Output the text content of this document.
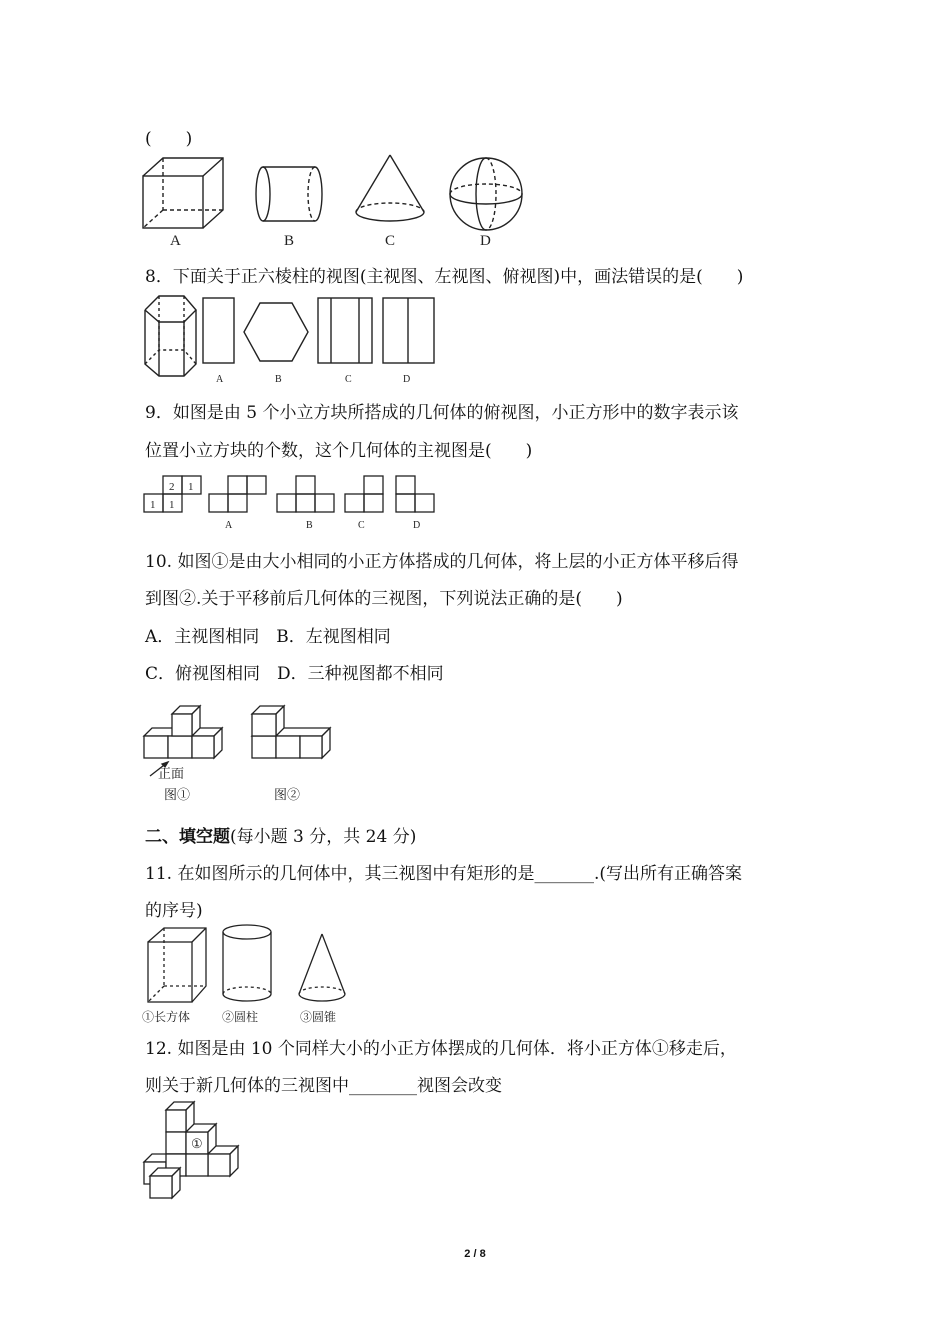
(　　)
A	B	C	D
8．下面关于正六棱柱的视图(主视图、左视图、俯视图)中，画法错误的是(　　)
A	B	C	D
9．如图是由 5 个小立方块所搭成的几何体的俯视图，小正方形中的数字表示该
位置小立方块的个数，这个几何体的主视图是(　　)
2 1
1 1
A	B	C	D
10. 如图①是由大小相同的小正方体搭成的几何体，将上层的小正方体平移后得
到图②.关于平移前后几何体的三视图，下列说法正确的是(　　)
A．主视图相同　B．左视图相同
C．俯视图相同　D．三种视图都不相同
正面
图①	图②
二、填空题(每小题 3 分，共 24 分)
11. 在如图所示的几何体中，其三视图中有矩形的是_______.(写出所有正确答案
的序号)
①长方体	②圆柱	③圆锥
12. 如图是由 10 个同样大小的小正方体摆成的几何体．将小正方体①移走后，
则关于新几何体的三视图中________视图会改变
①
2 / 8
